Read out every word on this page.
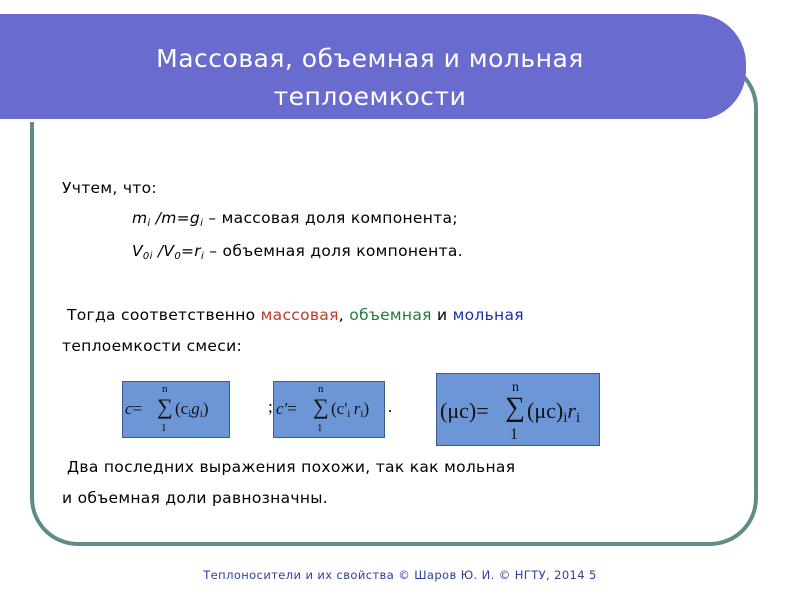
Массовая, объемная и мольная
теплоемкости
Учтем, что:
$m_i$ $/m=g_i$ – массовая доля компонента;
$V_{0i}$ $/V_0=r_i$ – объемная доля компонента.
Тогда соответственно массовая, объемная и мольная
теплоемкости смеси:
c=
n
∑
1
(cigi)	; c'=
n
∑
1
(c'i  ri) . (μc)=
n
∑
1
(μc)iri
Два последних выражения похожи, так как мольная
и объемная доли равнозначны.
Теплоносители и их свойства © Шаров Ю. И. © НГТУ, 2014 5
